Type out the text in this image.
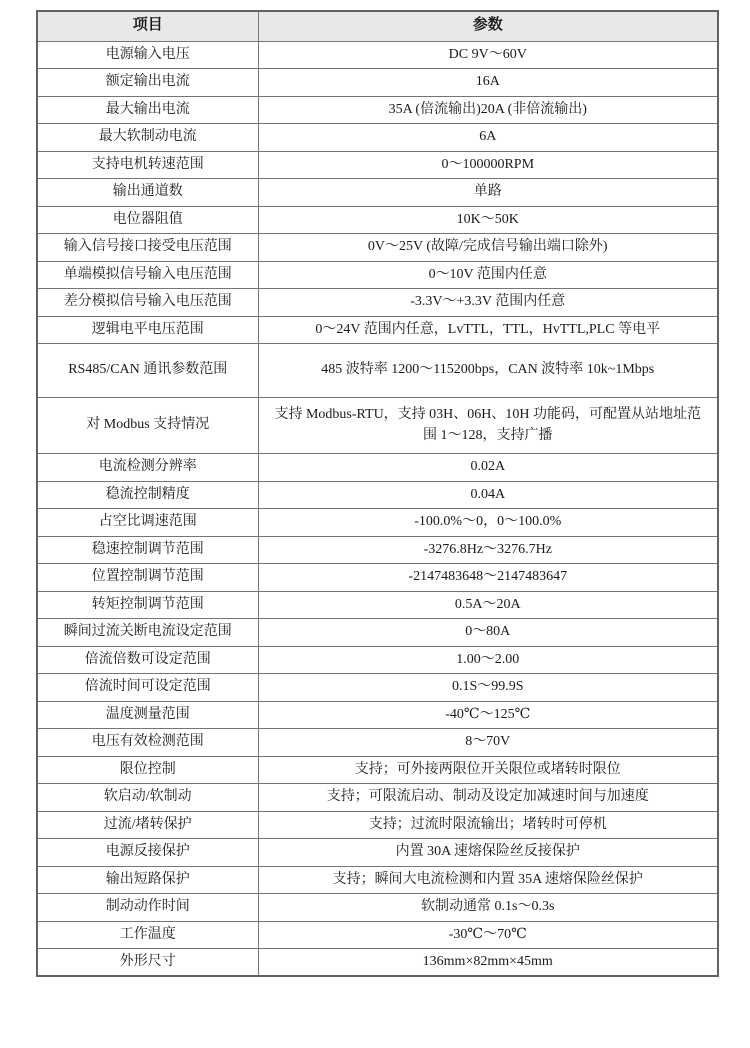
项目	参数
电源输入电压	DC 9V～60V
额定输出电流	16A
最大输出电流	35A (倍流输出)20A (非倍流输出)
最大软制动电流	6A
支持电机转速范围	0～100000RPM
输出通道数	单路
电位器阻值	10K～50K
输入信号接口接受电压范围	0V～25V (故障/完成信号输出端口除外)
单端模拟信号输入电压范围	0～10V 范围内任意
差分模拟信号输入电压范围	-3.3V～+3.3V 范围内任意
逻辑电平电压范围	0～24V 范围内任意，LvTTL，TTL，HvTTL,PLC 等电平
RS485/CAN 通讯参数范围	485 波特率 1200～115200bps，CAN 波特率 10k~1Mbps
对 Modbus 支持情况	支持 Modbus-RTU，支持 03H、06H、10H 功能码，可配置从站地址范围 1～128，支持广播
电流检测分辨率	0.02A
稳流控制精度	0.04A
占空比调速范围	-100.0%～0，0～100.0%
稳速控制调节范围	-3276.8Hz～3276.7Hz
位置控制调节范围	-2147483648～2147483647
转矩控制调节范围	0.5A～20A
瞬间过流关断电流设定范围	0～80A
倍流倍数可设定范围	1.00～2.00
倍流时间可设定范围	0.1S～99.9S
温度测量范围	-40℃～125℃
电压有效检测范围	8～70V
限位控制	支持；可外接两限位开关限位或堵转时限位
软启动/软制动	支持；可限流启动、制动及设定加减速时间与加速度
过流/堵转保护	支持；过流时限流输出；堵转时可停机
电源反接保护	内置 30A 速熔保险丝反接保护
输出短路保护	支持；瞬间大电流检测和内置 35A 速熔保险丝保护
制动动作时间	软制动通常 0.1s～0.3s
工作温度	-30℃～70℃
外形尺寸	136mm×82mm×45mm
